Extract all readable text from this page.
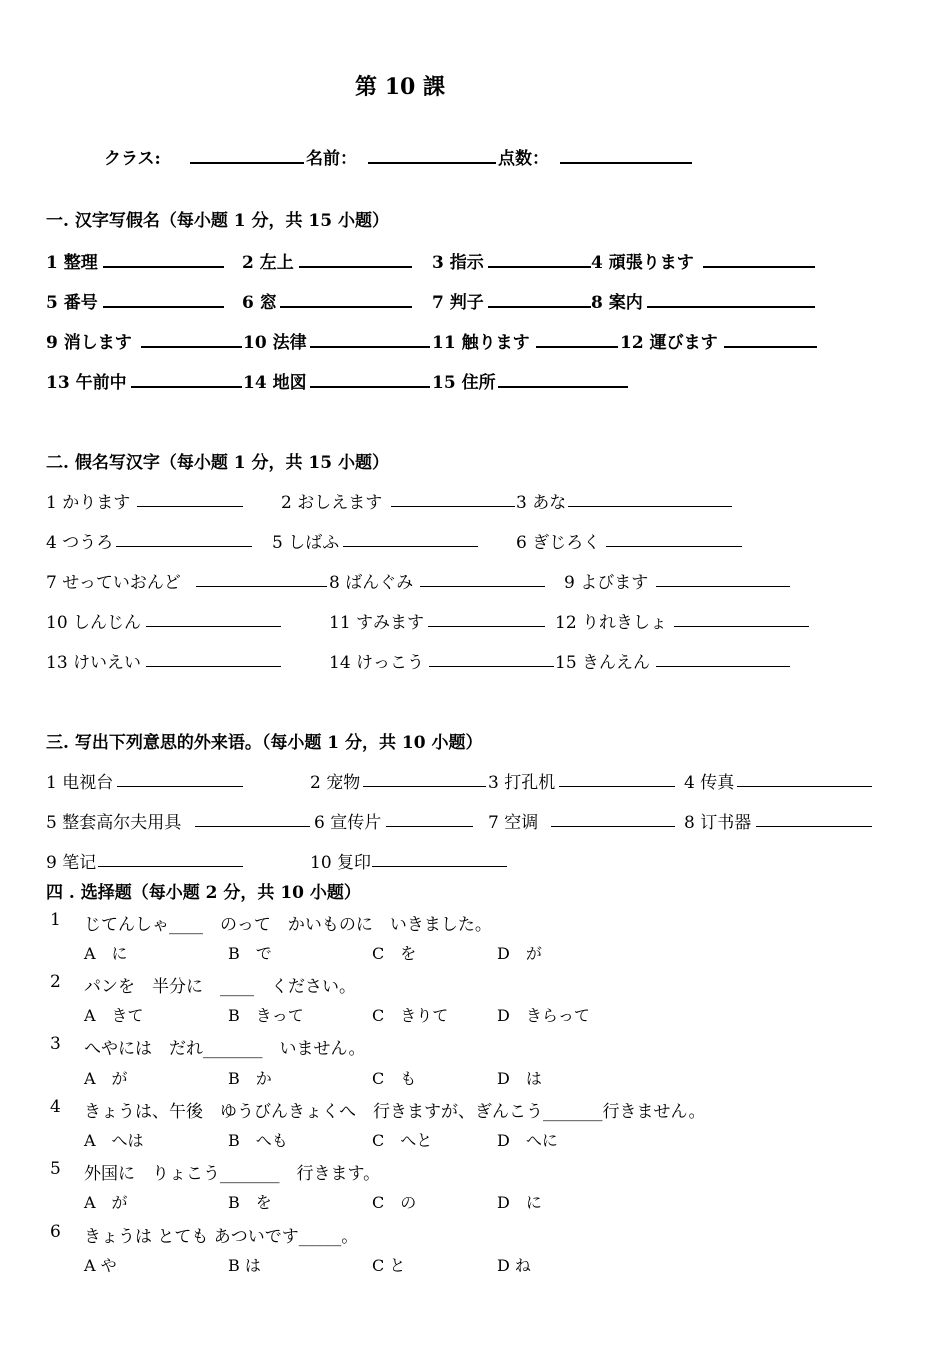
第 10 課
クラス:	名前：	点数：
一. 汉字写假名（每小题 1 分，共 15 小题）
1 整理	2 左上	3 指示	4 頑張ります
5 番号	6 窓	7 判子	8 案内
9 消します	10 法律	11 触ります	12 運びます
13 午前中	14 地図	15 住所
二. 假名写汉字（每小题 1 分，共 15 小题）
1 かります	2 おしえます	3 あな
4 つうろ	5 しばふ	6 ぎじろく
7 せっていおんど	8 ばんぐみ	9 よびます
10 しんじん	11 すみます	12 りれきしょ
13 けいえい	14 けっこう	15 きんえん
三. 写出下列意思的外来语。（每小题 1 分，共 10 小题）
1 电视台	2 宠物	3 打孔机	4 传真
5 整套高尔夫用具	6 宣传片	7 空调	8 订书器
9 笔记	10 复印
四 . 选择题（每小题 2 分，共 10 小题）
1 じてんしゃ____　のって　かいものに　いきました。
A　に	B　で	C　を	D　が
2 パンを　半分に　____　ください。
A　きて	B　きって	C　きりて	D　きらって
3 へやには　だれ_______　いません。
A　が	B　か	C　も	D　は
4 きょうは、午後　ゆうびんきょくへ　行きますが、ぎんこう_______行きません。
A　へは	B　へも	C　へと	D　へに
5 外国に　りょこう_______　行きます。
A　が	B　を	C　の	D　に
6 きょうは とても あついです_____。
A や	B は	C と	D ね
